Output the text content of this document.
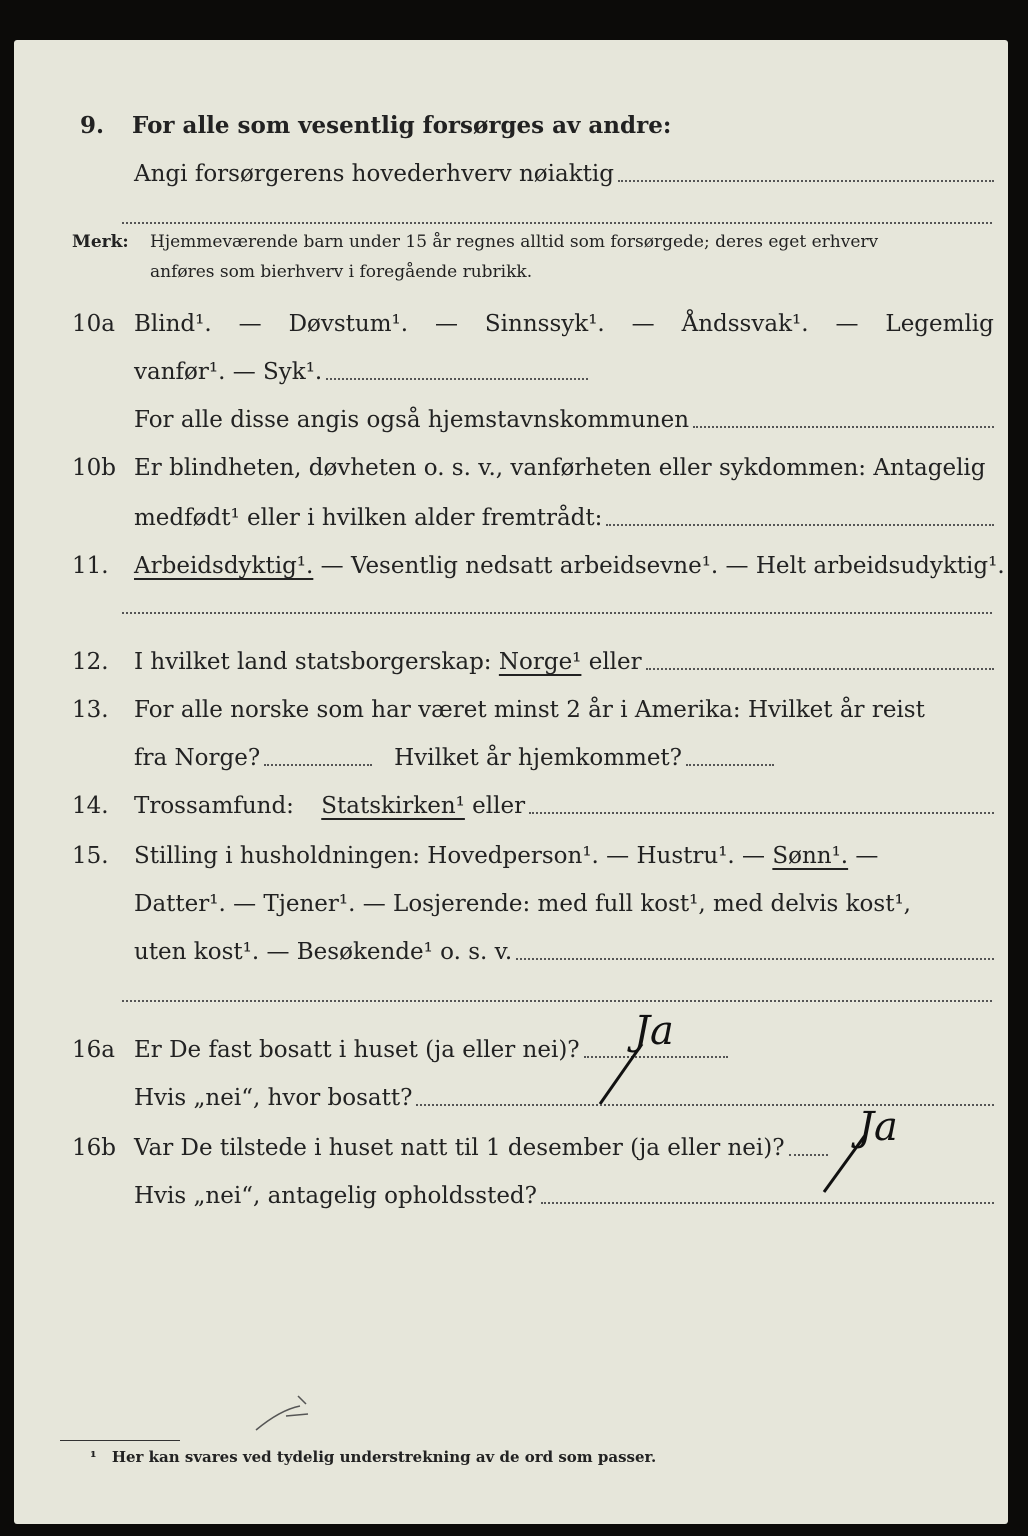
9.	For alle som vesentlig forsørges av andre:
Angi forsørgerens hovederhverv nøiaktig
Merk: Hjemmeværende barn under 15 år regnes alltid som forsørgede; deres eget erhverv
anføres som bierhverv i foregående rubrikk.
10a Blind¹. — Døvstum¹. — Sinnssyk¹. — Åndssvak¹. — Legemlig
vanfør¹. — Syk¹.
For alle disse angis også hjemstavnskommunen
10b Er blindheten, døvheten o. s. v., vanførheten eller sykdommen: Antagelig
medfødt¹ eller i hvilken alder fremtrådt:
11.	Arbeidsdyktig¹. — Vesentlig nedsatt arbeidsevne¹. — Helt arbeidsudyktig¹.
12.	I hvilket land statsborgerskap: Norge¹ eller
13.	For alle norske som har været minst 2 år i Amerika: Hvilket år reist
fra Norge?	Hvilket år hjemkommet?
14.	Trossamfund: Statskirken¹ eller
15.	Stilling i husholdningen: Hovedperson¹. — Hustru¹. — Sønn¹. —
Datter¹. — Tjener¹. — Losjerende: med full kost¹, med delvis kost¹,
uten kost¹. — Besøkende¹ o. s. v.
16a Er De fast bosatt i huset (ja eller nei)? Ja
Hvis „nei“, hvor bosatt?
16b Var De tilstede i huset natt til 1 desember (ja eller nei)? Ja
Hvis „nei“, antagelig opholdssted?
¹ Her kan svares ved tydelig understrekning av de ord som passer.
